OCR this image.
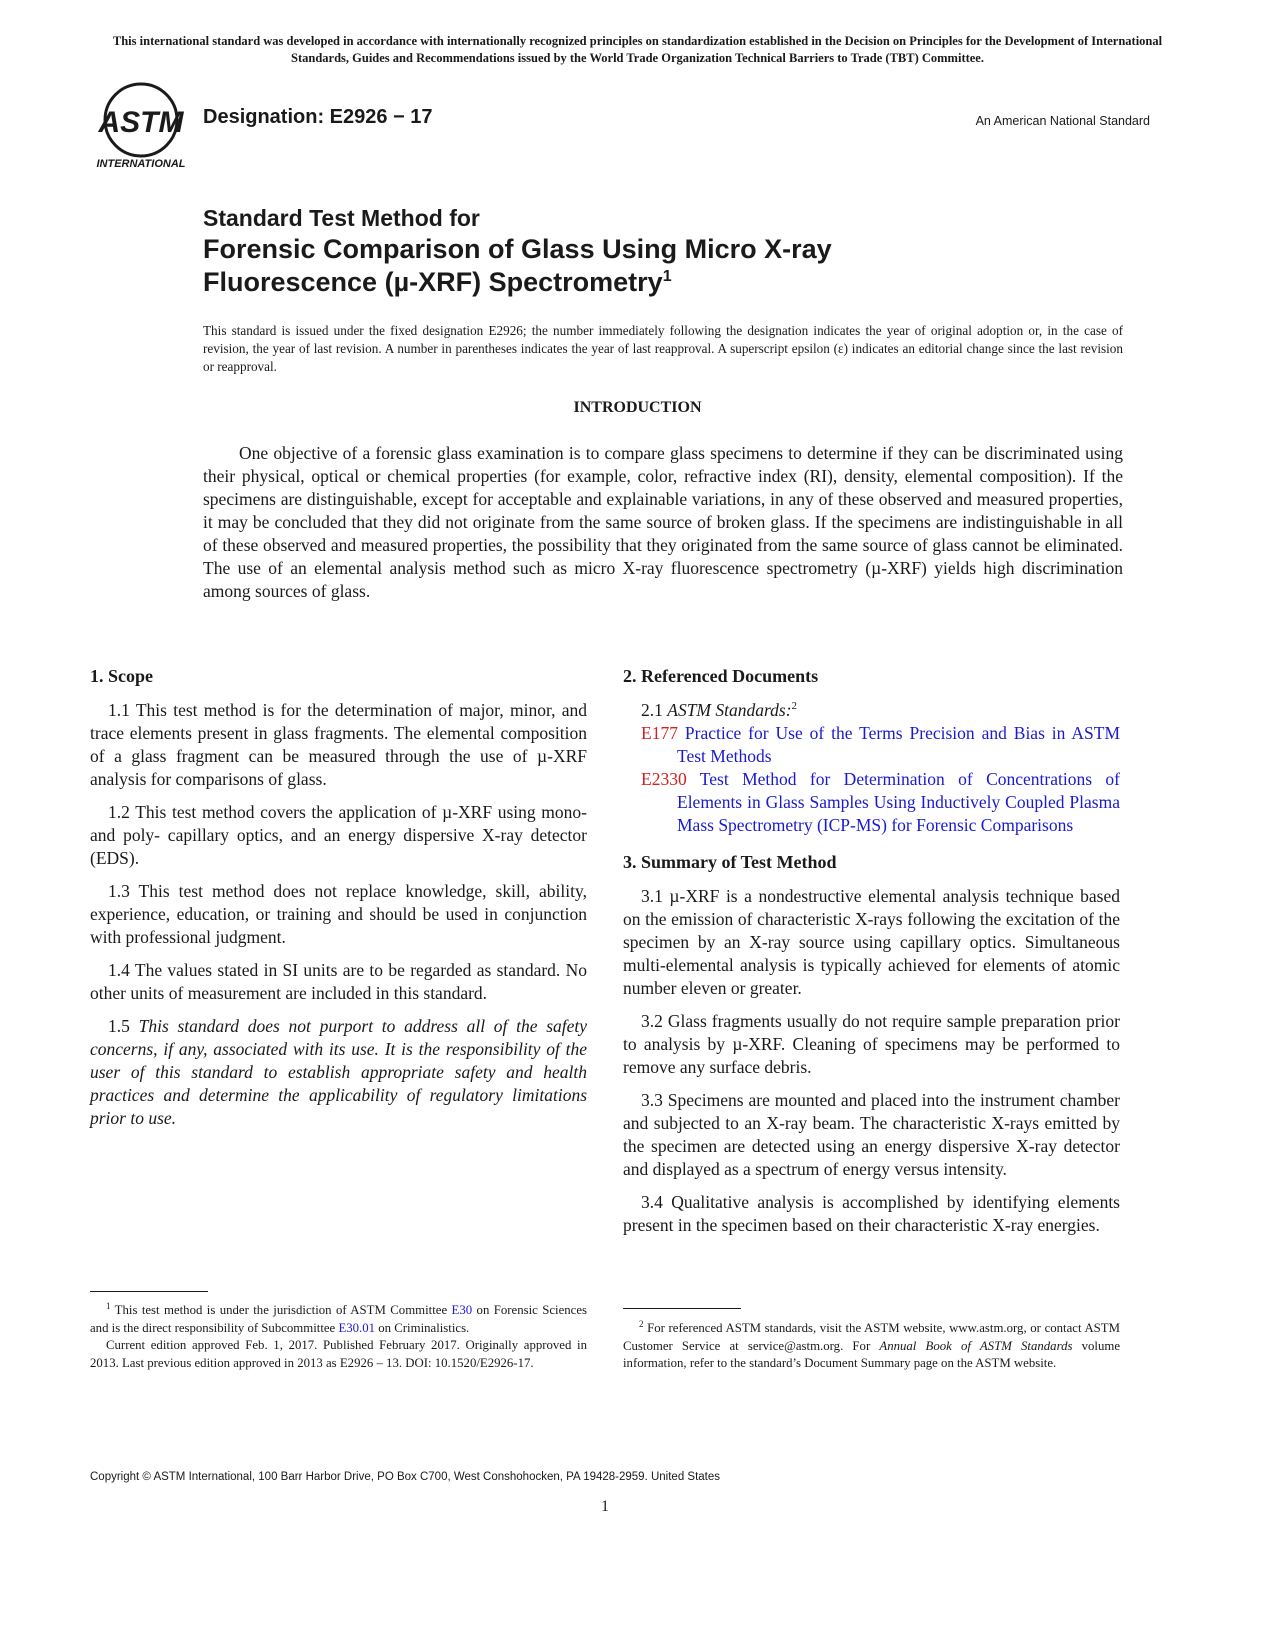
This international standard was developed in accordance with internationally recognized principles on standardization established in the Decision on Principles for the Development of International Standards, Guides and Recommendations issued by the World Trade Organization Technical Barriers to Trade (TBT) Committee.
ASTM
INTERNATIONAL
Designation: E2926 − 17	An American National Standard
Standard Test Method for
Forensic Comparison of Glass Using Micro X-ray
Fluorescence (µ-XRF) Spectrometry$^1$
This standard is issued under the fixed designation E2926; the number immediately following the designation indicates the year of original adoption or, in the case of revision, the year of last revision. A number in parentheses indicates the year of last reapproval. A superscript epsilon (ε) indicates an editorial change since the last revision or reapproval.
INTRODUCTION

One objective of a forensic glass examination is to compare glass specimens to determine if they can be discriminated using their physical, optical or chemical properties (for example, color, refractive index (RI), density, elemental composition). If the specimens are distinguishable, except for acceptable and explainable variations, in any of these observed and measured properties, it may be concluded that they did not originate from the same source of broken glass. If the specimens are indistinguishable in all of these observed and measured properties, the possibility that they originated from the same source of glass cannot be eliminated. The use of an elemental analysis method such as micro X-ray fluorescence spectrometry (µ-XRF) yields high discrimination among sources of glass.

1. Scope

1.1 This test method is for the determination of major, minor, and trace elements present in glass fragments. The elemental composition of a glass fragment can be measured through the use of µ-XRF analysis for comparisons of glass.

1.2 This test method covers the application of µ-XRF using mono- and poly- capillary optics, and an energy dispersive X-ray detector (EDS).

1.3 This test method does not replace knowledge, skill, ability, experience, education, or training and should be used in conjunction with professional judgment.

1.4 The values stated in SI units are to be regarded as standard. No other units of measurement are included in this standard.

1.5 This standard does not purport to address all of the safety concerns, if any, associated with its use. It is the responsibility of the user of this standard to establish appropriate safety and health practices and determine the applicability of regulatory limitations prior to use.

2. Referenced Documents
2.1 ASTM Standards:$^2$
E177 Practice for Use of the Terms Precision and Bias in ASTM Test Methods
E2330 Test Method for Determination of Concentrations of Elements in Glass Samples Using Inductively Coupled Plasma Mass Spectrometry (ICP-MS) for Forensic Comparisons
3. Summary of Test Method

3.1 µ-XRF is a nondestructive elemental analysis technique based on the emission of characteristic X-rays following the excitation of the specimen by an X-ray source using capillary optics. Simultaneous multi-elemental analysis is typically achieved for elements of atomic number eleven or greater.

3.2 Glass fragments usually do not require sample preparation prior to analysis by µ-XRF. Cleaning of specimens may be performed to remove any surface debris.

3.3 Specimens are mounted and placed into the instrument chamber and subjected to an X-ray beam. The characteristic X-rays emitted by the specimen are detected using an energy dispersive X-ray detector and displayed as a spectrum of energy versus intensity.

3.4 Qualitative analysis is accomplished by identifying elements present in the specimen based on their characteristic X-ray energies.

$^1$ This test method is under the jurisdiction of ASTM Committee E30 on Forensic Sciences and is the direct responsibility of Subcommittee E30.01 on Criminalistics.

Current edition approved Feb. 1, 2017. Published February 2017. Originally approved in 2013. Last previous edition approved in 2013 as E2926 – 13. DOI: 10.1520/E2926-17.

$^2$ For referenced ASTM standards, visit the ASTM website, www.astm.org, or contact ASTM Customer Service at service@astm.org. For Annual Book of ASTM Standards volume information, refer to the standard’s Document Summary page on the ASTM website.

Copyright © ASTM International, 100 Barr Harbor Drive, PO Box C700, West Conshohocken, PA 19428-2959. United States
1
